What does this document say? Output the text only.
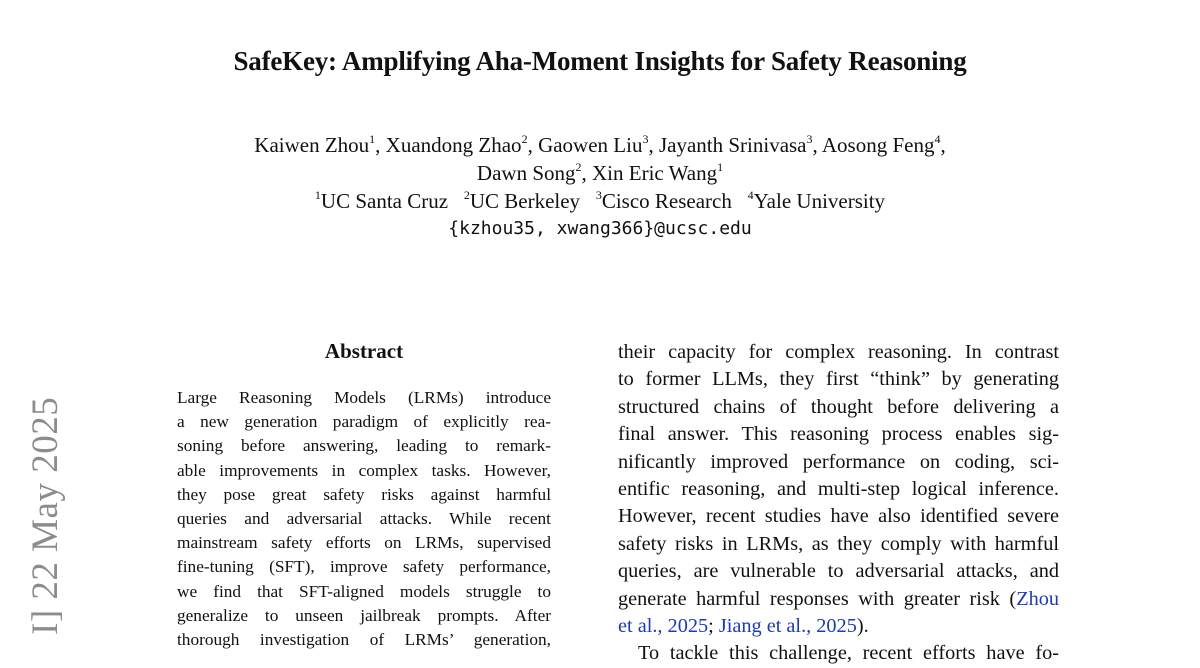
SafeKey: Amplifying Aha-Moment Insights for Safety Reasoning
Kaiwen Zhou$^1$, Xuandong Zhao$^2$, Gaowen Liu$^3$, Jayanth Srinivasa$^3$, Aosong Feng$^4$,
Dawn Song$^2$, Xin Eric Wang$^1$
$^1$UC Santa Cruz $^2$UC Berkeley $^3$Cisco Research $^4$Yale University
{kzhou35, xwang366}@ucsc.edu
I] 22 May 2025
Abstract
Large Reasoning Models (LRMs) introduce
a new generation paradigm of explicitly rea-
soning before answering, leading to remark-
able improvements in complex tasks. However,
they pose great safety risks against harmful
queries and adversarial attacks. While recent
mainstream safety efforts on LRMs, supervised
fine-tuning (SFT), improve safety performance,
we find that SFT-aligned models struggle to
generalize to unseen jailbreak prompts. After
thorough investigation of LRMs’ generation,
their capacity for complex reasoning. In contrast
to former LLMs, they first “think” by generating
structured chains of thought before delivering a
final answer. This reasoning process enables sig-
nificantly improved performance on coding, sci-
entific reasoning, and multi-step logical inference.
However, recent studies have also identified severe
safety risks in LRMs, as they comply with harmful
queries, are vulnerable to adversarial attacks, and
generate harmful responses with greater risk (Zhou
et al., 2025; Jiang et al., 2025).
To tackle this challenge, recent efforts have fo-
